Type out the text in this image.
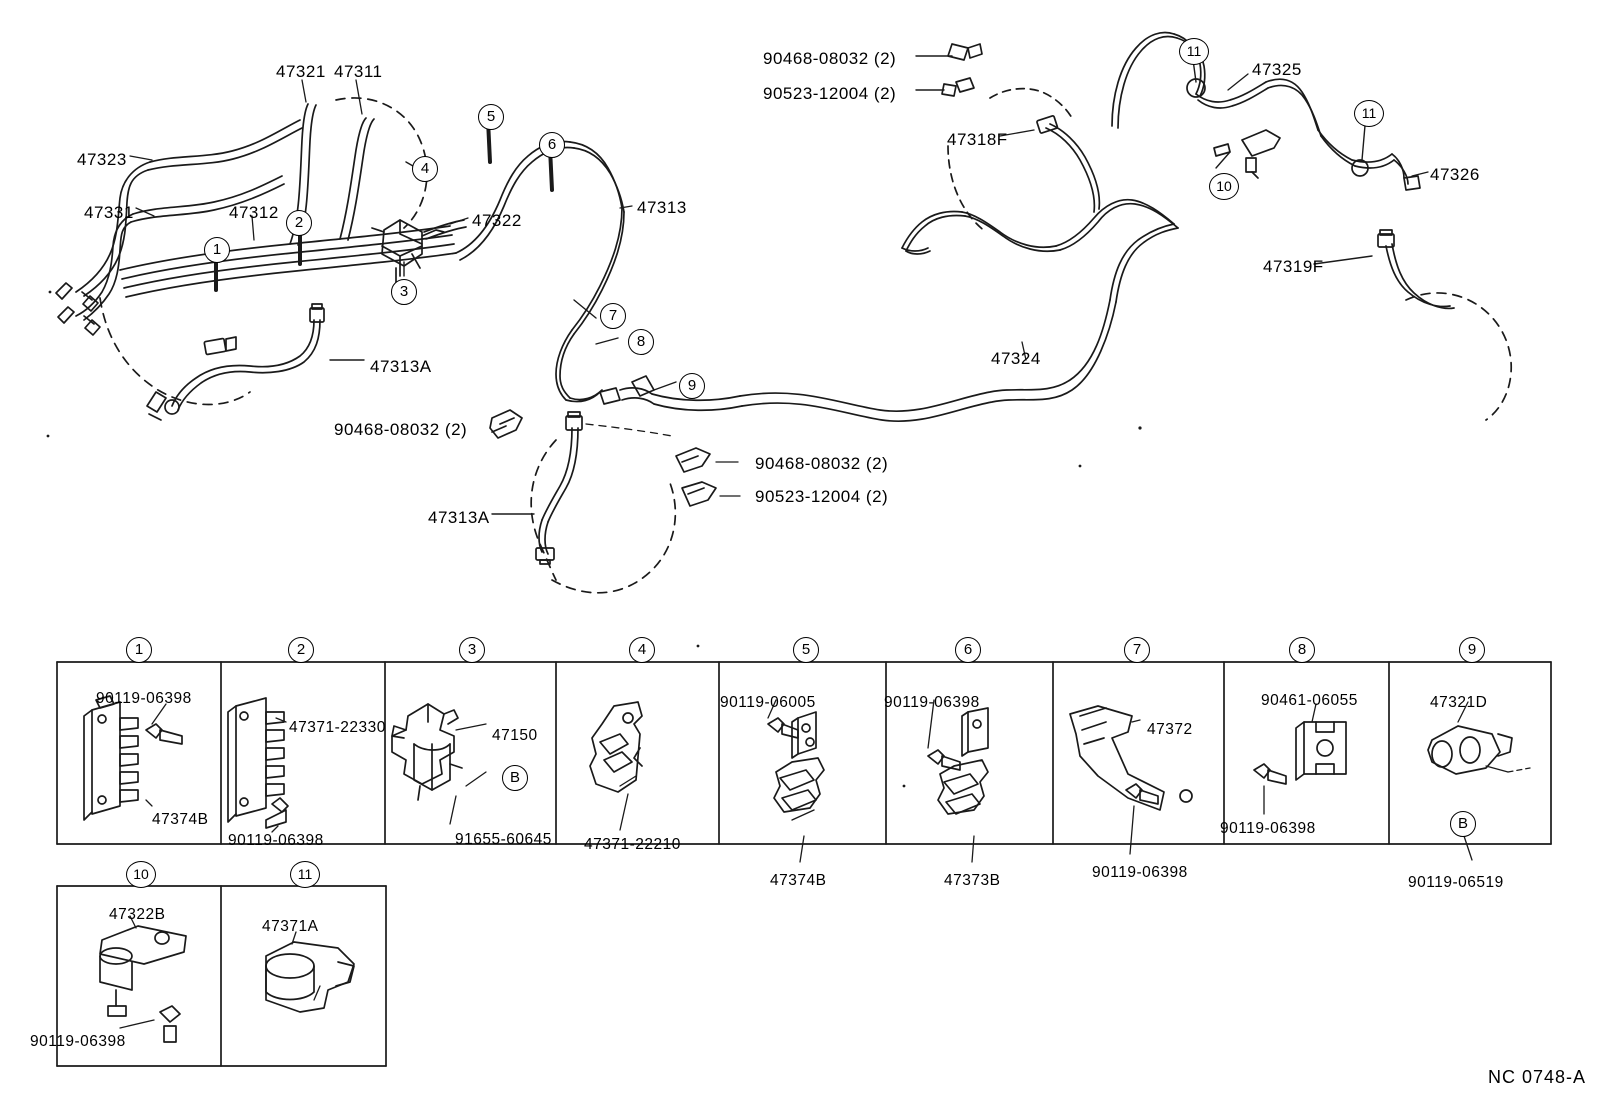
47321 47311
47323
47331	47312	47322
47313
47313A
47313A
90468-08032 (2)
90468-08032 (2)
90523-12004 (2)
90468-08032 (2)
90523-12004 (2)
47318F
47325
47326
47319F
47324
1
2
3
4
5
6
7
8
9
10
11
11
1	2	3	4	5	6	7	8	9
90119-06398
47374B
47371-22330
90119-06398
47150
91655-60645
B
47371-22210
90119-06005
47374B
90119-06398
47373B
47372
90119-06398
90461-06055
90119-06398
47321D
90119-06519
B
10	11
47322B
90119-06398
47371A
NC 0748-A
